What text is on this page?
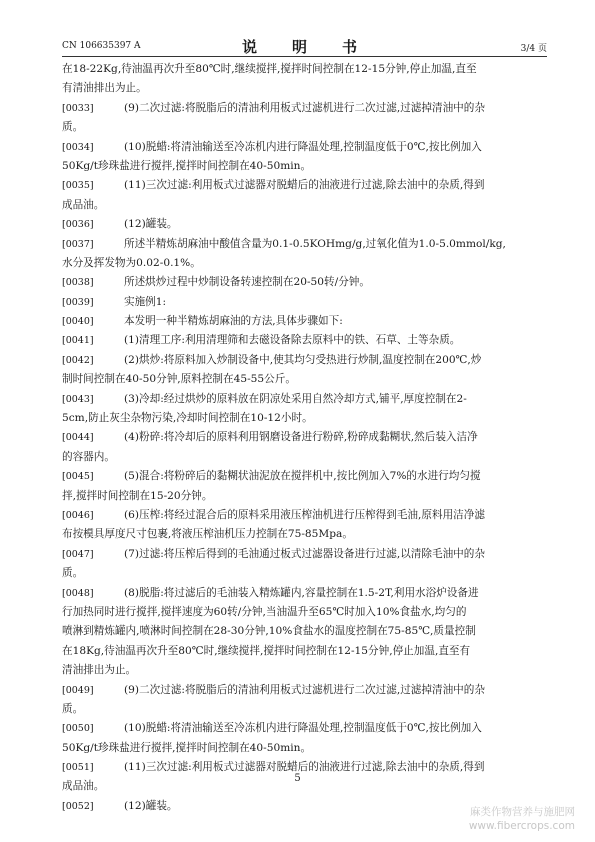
CN 106635397 A	说　明　书	3/4 页
在18-22Kg,待油温再次升至80℃时,继续搅拌,搅拌时间控制在12-15分钟,停止加温,直至
有清油排出为止。
[0033]	(9)二次过滤:将脱脂后的清油利用板式过滤机进行二次过滤,过滤掉清油中的杂
质。
[0034]	(10)脱蜡:将清油输送至冷冻机内进行降温处理,控制温度低于0℃,按比例加入
50Kg/t珍珠盐进行搅拌,搅拌时间控制在40-50min。
[0035]	(11)三次过滤:利用板式过滤器对脱蜡后的油液进行过滤,除去油中的杂质,得到
成品油。
[0036]	(12)罐装。
[0037]	所述半精炼胡麻油中酸值含量为0.1-0.5KOHmg/g,过氧化值为1.0-5.0mmol/kg,
水分及挥发物为0.02-0.1%。
[0038]	所述烘炒过程中炒制设备转速控制在20-50转/分钟。
[0039]	实施例1:
[0040]	本发明一种半精炼胡麻油的方法,具体步骤如下:
[0041]	(1)清理工序:利用清理筛和去磁设备除去原料中的铁、石草、土等杂质。
[0042]	(2)烘炒:将原料加入炒制设备中,使其均匀受热进行炒制,温度控制在200℃,炒
制时间控制在40-50分钟,原料控制在45-55公斤。
[0043]	(3)冷却:经过烘炒的原料放在阴凉处采用自然冷却方式,铺平,厚度控制在2-
5cm,防止灰尘杂物污染,冷却时间控制在10-12小时。
[0044]	(4)粉碎:将冷却后的原料利用钢磨设备进行粉碎,粉碎成黏糊状,然后装入洁净
的容器内。
[0045]	(5)混合:将粉碎后的黏糊状油泥放在搅拌机中,按比例加入7%的水进行均匀搅
拌,搅拌时间控制在15-20分钟。
[0046]	(6)压榨:将经过混合后的原料采用液压榨油机进行压榨得到毛油,原料用洁净滤
布按模具厚度尺寸包裹,将液压榨油机压力控制在75-85Mpa。
[0047]	(7)过滤:将压榨后得到的毛油通过板式过滤器设备进行过滤,以清除毛油中的杂
质。
[0048]	(8)脱脂:将过滤后的毛油装入精炼罐内,容量控制在1.5-2T,利用水浴炉设备进
行加热同时进行搅拌,搅拌速度为60转/分钟,当油温升至65℃时加入10%食盐水,均匀的
喷淋到精炼罐内,喷淋时间控制在28-30分钟,10%食盐水的温度控制在75-85℃,质量控制
在18Kg,待油温再次升至80℃时,继续搅拌,搅拌时间控制在12-15分钟,停止加温,直至有
清油排出为止。
[0049]	(9)二次过滤:将脱脂后的清油利用板式过滤机进行二次过滤,过滤掉清油中的杂
质。
[0050]	(10)脱蜡:将清油输送至冷冻机内进行降温处理,控制温度低于0℃,按比例加入
50Kg/t珍珠盐进行搅拌,搅拌时间控制在40-50min。
[0051]	(11)三次过滤:利用板式过滤器对脱蜡后的油液进行过滤,除去油中的杂质,得到
成品油。
[0052]	(12)罐装。
5
麻类作物营养与施肥网
www.fibercrops.com
